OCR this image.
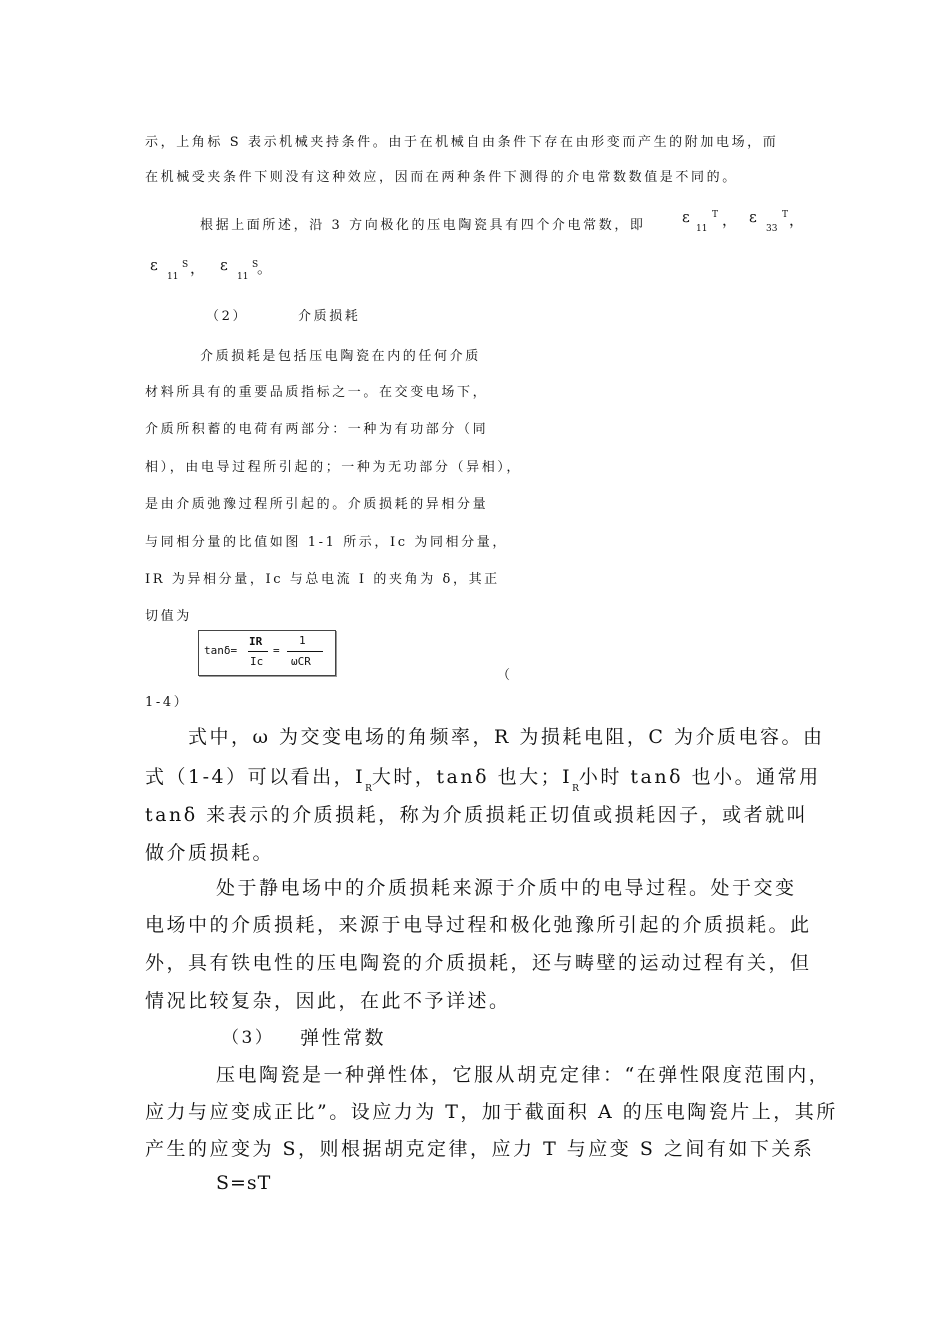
示，上角标 S 表示机械夹持条件。由于在机械自由条件下存在由形变而产生的附加电场，而
在机械受夹条件下则没有这种效应，因而在两种条件下测得的介电常数数值是不同的。
根据上面所述，沿 3 方向极化的压电陶瓷具有四个介电常数，即 ε T
11 ， ε	T
33 ，
ε	S
11 ， ε	S
11 。
（2）	介质损耗
介质损耗是包括压电陶瓷在内的任何介质
材料所具有的重要品质指标之一。在交变电场下，
介质所积蓄的电荷有两部分：一种为有功部分（同
相），由电导过程所引起的；一种为无功部分（异相），
是由介质弛豫过程所引起的。介质损耗的异相分量
与同相分量的比值如图 1-1 所示，Ic 为同相分量，
IR 为异相分量，Ic 与总电流 I 的夹角为 δ，其正
切值为
tanδ=
IR
Ic
=
1
ωCR
（
1-4）
式中，ω 为交变电场的角频率，R 为损耗电阻，C 为介质电容。由
式（1-4）可以看出，$I_R$大时，tanδ 也大；$I_R$小时 tanδ 也小。通常用
tanδ 来表示的介质损耗，称为介质损耗正切值或损耗因子，或者就叫
做介质损耗。
处于静电场中的介质损耗来源于介质中的电导过程。处于交变
电场中的介质损耗，来源于电导过程和极化弛豫所引起的介质损耗。此
外，具有铁电性的压电陶瓷的介质损耗，还与畴壁的运动过程有关，但
情况比较复杂，因此，在此不予详述。
（3） 弹性常数
压电陶瓷是一种弹性体，它服从胡克定律：“在弹性限度范围内，
应力与应变成正比”。设应力为 T，加于截面积 A 的压电陶瓷片上，其所
产生的应变为 S，则根据胡克定律，应力 T 与应变 S 之间有如下关系
S=sT
